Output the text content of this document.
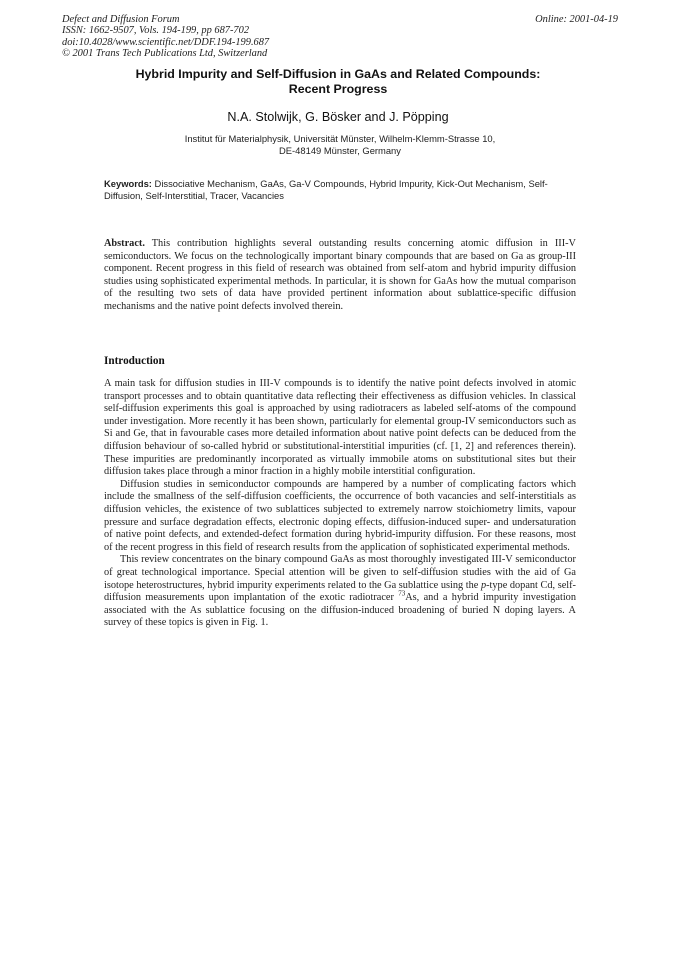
Defect and Diffusion Forum
ISSN: 1662-9507, Vols. 194-199, pp 687-702
doi:10.4028/www.scientific.net/DDF.194-199.687
© 2001 Trans Tech Publications Ltd, Switzerland
Online: 2001-04-19
Hybrid Impurity and Self-Diffusion in GaAs and Related Compounds:
Recent Progress
N.A. Stolwijk, G. Bösker and J. Pöpping
Institut für Materialphysik, Universität Münster, Wilhelm-Klemm-Strasse 10,
DE-48149 Münster, Germany
Keywords: Dissociative Mechanism, GaAs, Ga-V Compounds, Hybrid Impurity, Kick-Out Mechanism, Self-Diffusion, Self-Interstitial, Tracer, Vacancies
Abstract. This contribution highlights several outstanding results concerning atomic diffusion in III-V semiconductors. We focus on the technologically important binary compounds that are based on Ga as group-III component. Recent progress in this field of research was obtained from self-atom and hybrid impurity diffusion studies using sophisticated experimental methods. In particular, it is shown for GaAs how the mutual comparison of the resulting two sets of data have provided pertinent information about sublattice-specific diffusion mechanisms and the native point defects involved therein.
Introduction

A main task for diffusion studies in III-V compounds is to identify the native point defects involved in atomic transport processes and to obtain quantitative data reflecting their effectiveness as diffusion vehicles. In classical self-diffusion experiments this goal is approached by using radiotracers as labeled self-atoms of the compound under investigation. More recently it has been shown, particularly for elemental group-IV semiconductors such as Si and Ge, that in favourable cases more detailed information about native point defects can be deduced from the diffusion behaviour of so-called hybrid or substitutional-interstitial impurities (cf. [1, 2] and references therein). These impurities are predominantly incorporated as virtually immobile atoms on substitutional sites but their diffusion takes place through a minor fraction in a highly mobile interstitial configuration.

Diffusion studies in semiconductor compounds are hampered by a number of complicating factors which include the smallness of the self-diffusion coefficients, the occurrence of both vacancies and self-interstitials as diffusion vehicles, the existence of two sublattices subjected to extremely narrow stoichiometry limits, vapour pressure and surface degradation effects, electronic doping effects, diffusion-induced super- and undersaturation of native point defects, and extended-defect formation during hybrid-impurity diffusion. For these reasons, most of the recent progress in this field of research results from the application of sophisticated experimental methods.

This review concentrates on the binary compound GaAs as most thoroughly investigated III-V semiconductor of great technological importance. Special attention will be given to self-diffusion studies with the aid of Ga isotope heterostructures, hybrid impurity experiments related to the Ga sublattice using the p-type dopant Cd, self-diffusion measurements upon implantation of the exotic radiotracer $^{73}$As, and a hybrid impurity investigation associated with the As sublattice focusing on the diffusion-induced broadening of buried N doping layers. A survey of these topics is given in Fig. 1.
